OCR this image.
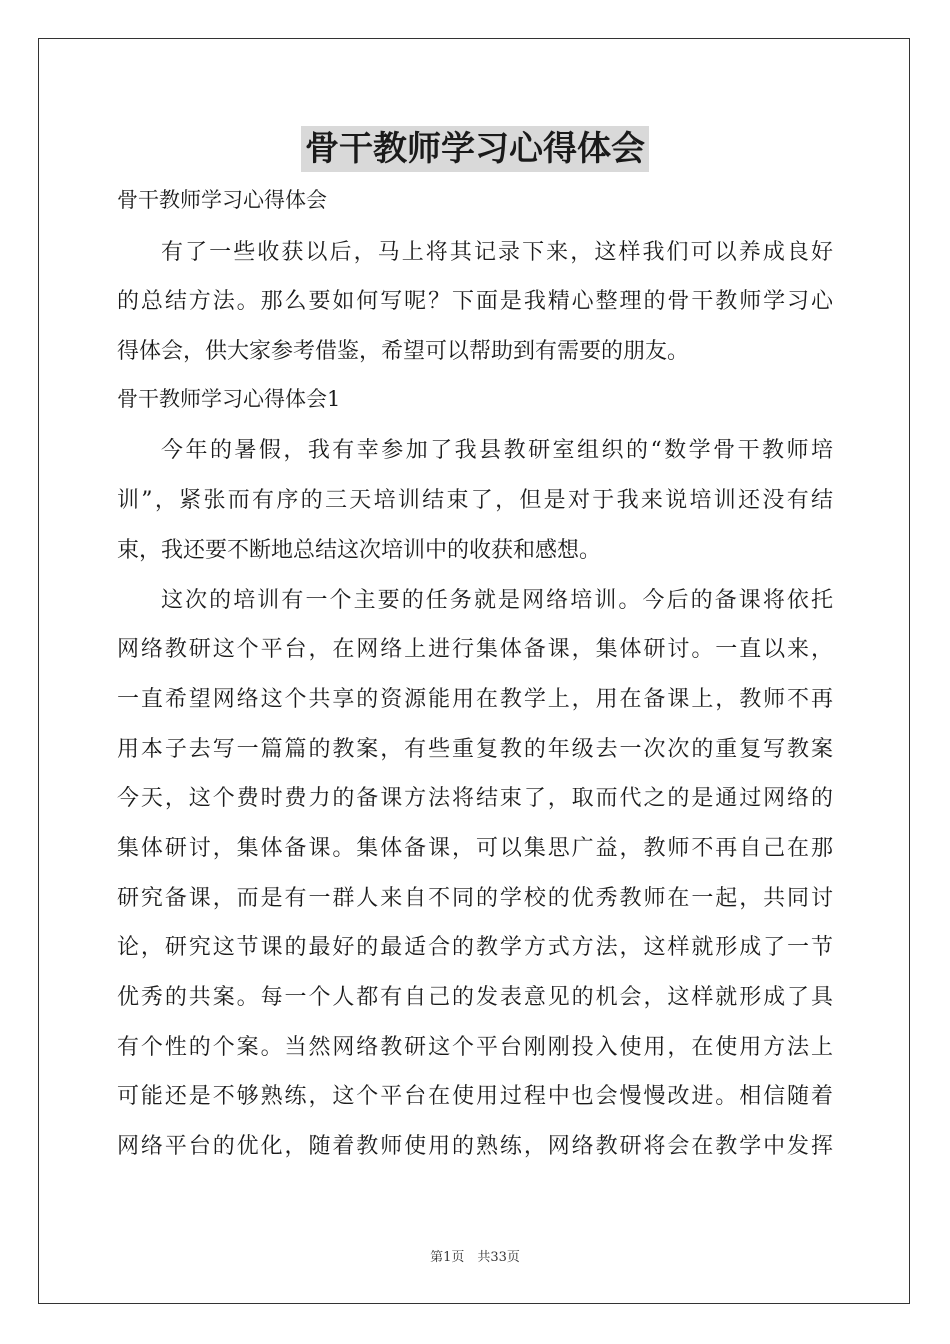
骨干教师学习心得体会
骨干教师学习心得体会
有了一些收获以后，马上将其记录下来，这样我们可以养成良好
的总结方法。那么要如何写呢？下面是我精心整理的骨干教师学习心
得体会，供大家参考借鉴，希望可以帮助到有需要的朋友。
骨干教师学习心得体会1
今年的暑假，我有幸参加了我县教研室组织的“数学骨干教师培
训”，紧张而有序的三天培训结束了，但是对于我来说培训还没有结
束，我还要不断地总结这次培训中的收获和感想。
这次的培训有一个主要的任务就是网络培训。今后的备课将依托
网络教研这个平台，在网络上进行集体备课，集体研讨。一直以来，
一直希望网络这个共享的资源能用在教学上，用在备课上，教师不再
用本子去写一篇篇的教案，有些重复教的年级去一次次的重复写教案
今天，这个费时费力的备课方法将结束了，取而代之的是通过网络的
集体研讨，集体备课。集体备课，可以集思广益，教师不再自己在那
研究备课，而是有一群人来自不同的学校的优秀教师在一起，共同讨
论，研究这节课的最好的最适合的教学方式方法，这样就形成了一节
优秀的共案。每一个人都有自己的发表意见的机会，这样就形成了具
有个性的个案。当然网络教研这个平台刚刚投入使用，在使用方法上
可能还是不够熟练，这个平台在使用过程中也会慢慢改进。相信随着
网络平台的优化，随着教师使用的熟练，网络教研将会在教学中发挥
第1页　共33页
